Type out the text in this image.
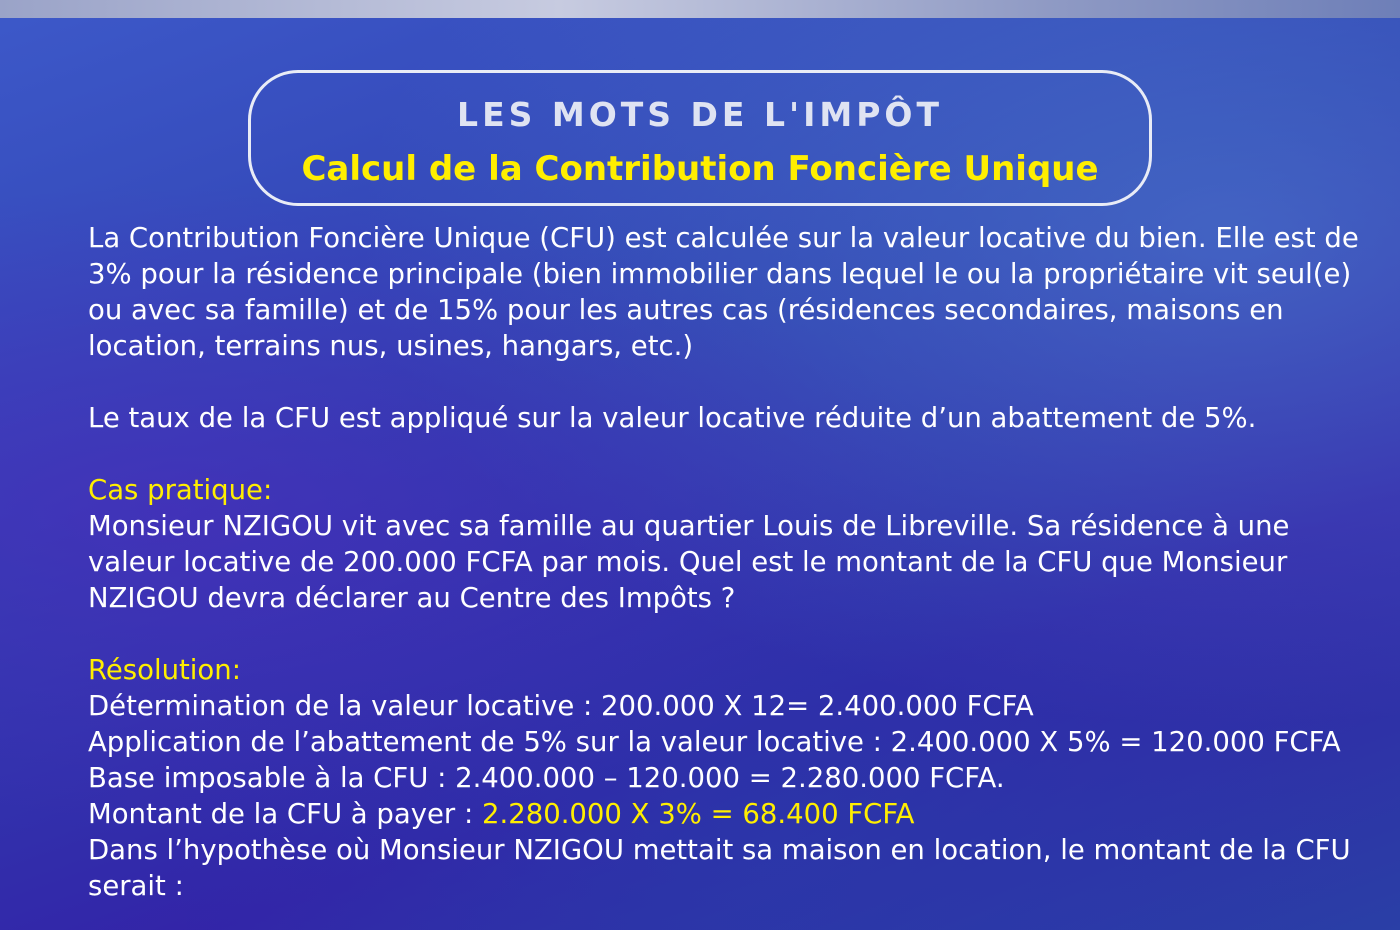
LES MOTS DE L'IMPÔT
Calcul de la Contribution Foncière Unique

La Contribution Foncière Unique (CFU) est calculée sur la valeur locative du bien. Elle est de 3% pour la résidence principale (bien immobilier dans lequel le ou la propriétaire vit seul(e) ou avec sa famille) et de 15% pour les autres cas (résidences secondaires, maisons en location, terrains nus, usines, hangars, etc.)

Le taux de la CFU est appliqué sur la valeur locative réduite d’un abattement de 5%.

Cas pratique:

Monsieur NZIGOU vit avec sa famille au quartier Louis de Libreville. Sa résidence à une valeur locative de 200.000 FCFA par mois. Quel est le montant de la CFU que Monsieur NZIGOU devra déclarer au Centre des Impôts ?

Résolution:

Détermination de la valeur locative : 200.000 X 12= 2.400.000 FCFA

Application de l’abattement de 5% sur la valeur locative : 2.400.000 X 5% = 120.000 FCFA

Base imposable à la CFU : 2.400.000 – 120.000 = 2.280.000 FCFA.

Montant de la CFU à payer : 2.280.000 X 3% = 68.400 FCFA

Dans l’hypothèse où Monsieur NZIGOU mettait sa maison en location, le montant de la CFU serait :
